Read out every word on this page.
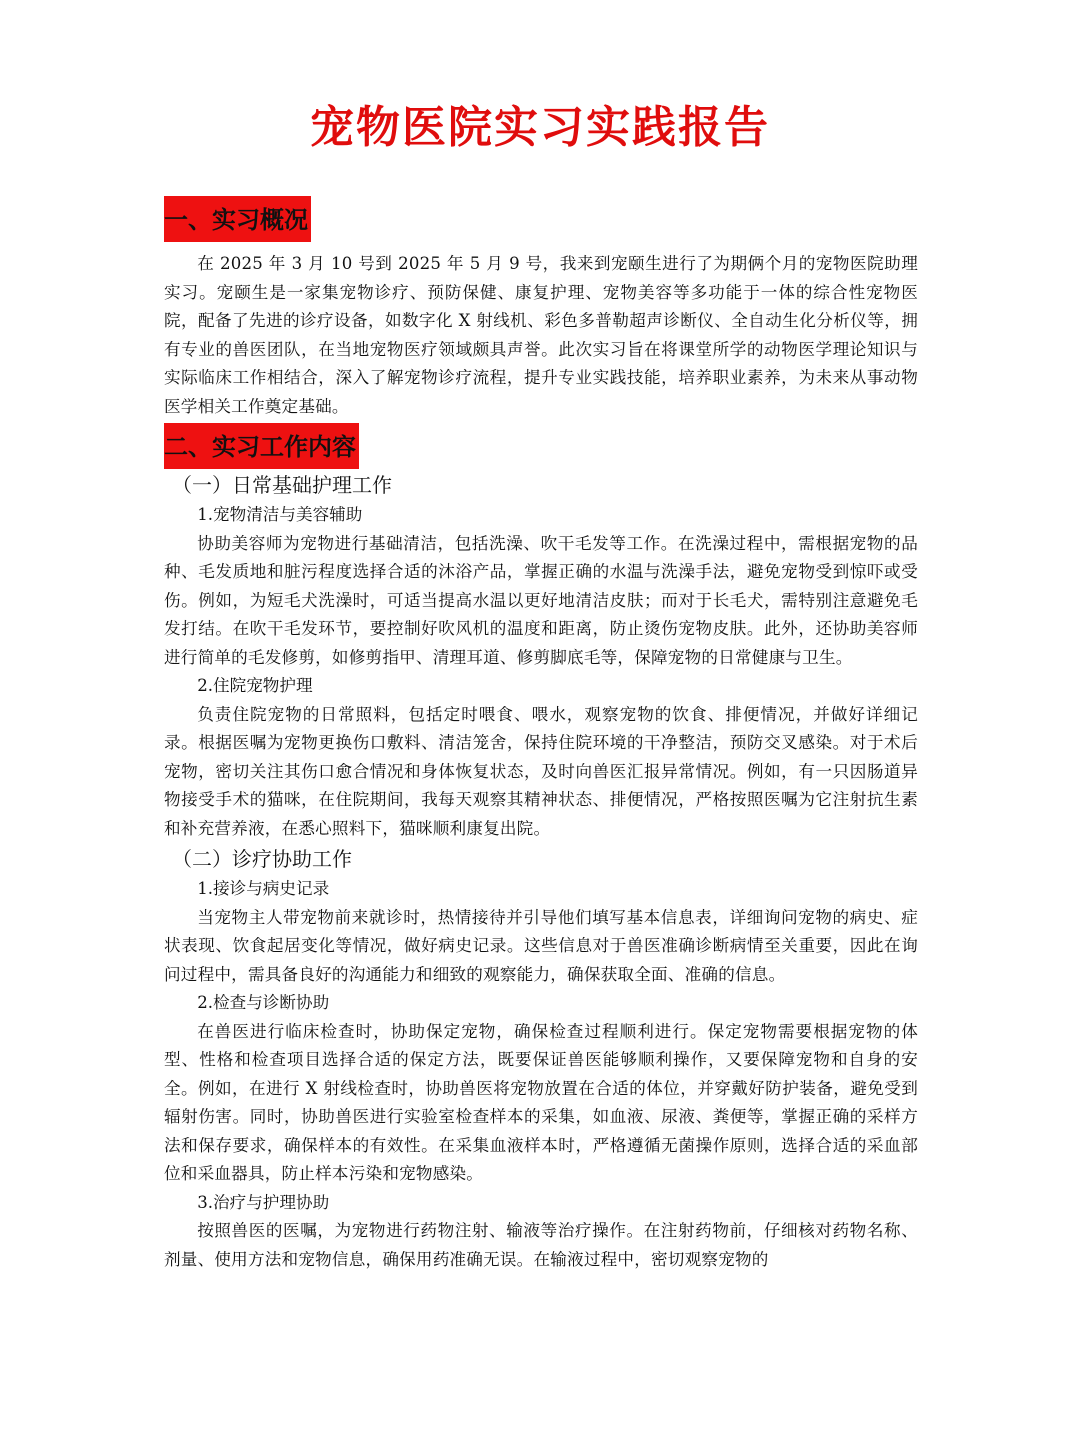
宠物医院实习实践报告
一、实习概况

在 2025 年 3 月 10 号到 2025 年 5 月 9 号，我来到宠颐生进行了为期俩个月的宠物医院助理实习。宠颐生是一家集宠物诊疗、预防保健、康复护理、宠物美容等多功能于一体的综合性宠物医院，配备了先进的诊疗设备，如数字化 X 射线机、彩色多普勒超声诊断仪、全自动生化分析仪等，拥有专业的兽医团队，在当地宠物医疗领域颇具声誉。此次实习旨在将课堂所学的动物医学理论知识与实际临床工作相结合，深入了解宠物诊疗流程，提升专业实践技能，培养职业素养，为未来从事动物医学相关工作奠定基础。

二、实习工作内容
（一）日常基础护理工作
1.宠物清洁与美容辅助

协助美容师为宠物进行基础清洁，包括洗澡、吹干毛发等工作。在洗澡过程中，需根据宠物的品种、毛发质地和脏污程度选择合适的沐浴产品，掌握正确的水温与洗澡手法，避免宠物受到惊吓或受伤。例如，为短毛犬洗澡时，可适当提高水温以更好地清洁皮肤；而对于长毛犬，需特别注意避免毛发打结。在吹干毛发环节，要控制好吹风机的温度和距离，防止烫伤宠物皮肤。此外，还协助美容师进行简单的毛发修剪，如修剪指甲、清理耳道、修剪脚底毛等，保障宠物的日常健康与卫生。

2.住院宠物护理

负责住院宠物的日常照料，包括定时喂食、喂水，观察宠物的饮食、排便情况，并做好详细记录。根据医嘱为宠物更换伤口敷料、清洁笼舍，保持住院环境的干净整洁，预防交叉感染。对于术后宠物，密切关注其伤口愈合情况和身体恢复状态，及时向兽医汇报异常情况。例如，有一只因肠道异物接受手术的猫咪，在住院期间，我每天观察其精神状态、排便情况，严格按照医嘱为它注射抗生素和补充营养液，在悉心照料下，猫咪顺利康复出院。

（二）诊疗协助工作
1.接诊与病史记录

当宠物主人带宠物前来就诊时，热情接待并引导他们填写基本信息表，详细询问宠物的病史、症状表现、饮食起居变化等情况，做好病史记录。这些信息对于兽医准确诊断病情至关重要，因此在询问过程中，需具备良好的沟通能力和细致的观察能力，确保获取全面、准确的信息。

2.检查与诊断协助

在兽医进行临床检查时，协助保定宠物，确保检查过程顺利进行。保定宠物需要根据宠物的体型、性格和检查项目选择合适的保定方法，既要保证兽医能够顺利操作，又要保障宠物和自身的安全。例如，在进行 X 射线检查时，协助兽医将宠物放置在合适的体位，并穿戴好防护装备，避免受到辐射伤害。同时，协助兽医进行实验室检查样本的采集，如血液、尿液、粪便等，掌握正确的采样方法和保存要求，确保样本的有效性。在采集血液样本时，严格遵循无菌操作原则，选择合适的采血部位和采血器具，防止样本污染和宠物感染。

3.治疗与护理协助

按照兽医的医嘱，为宠物进行药物注射、输液等治疗操作。在注射药物前，仔细核对药物名称、剂量、使用方法和宠物信息，确保用药准确无误。在输液过程中，密切观察宠物的
